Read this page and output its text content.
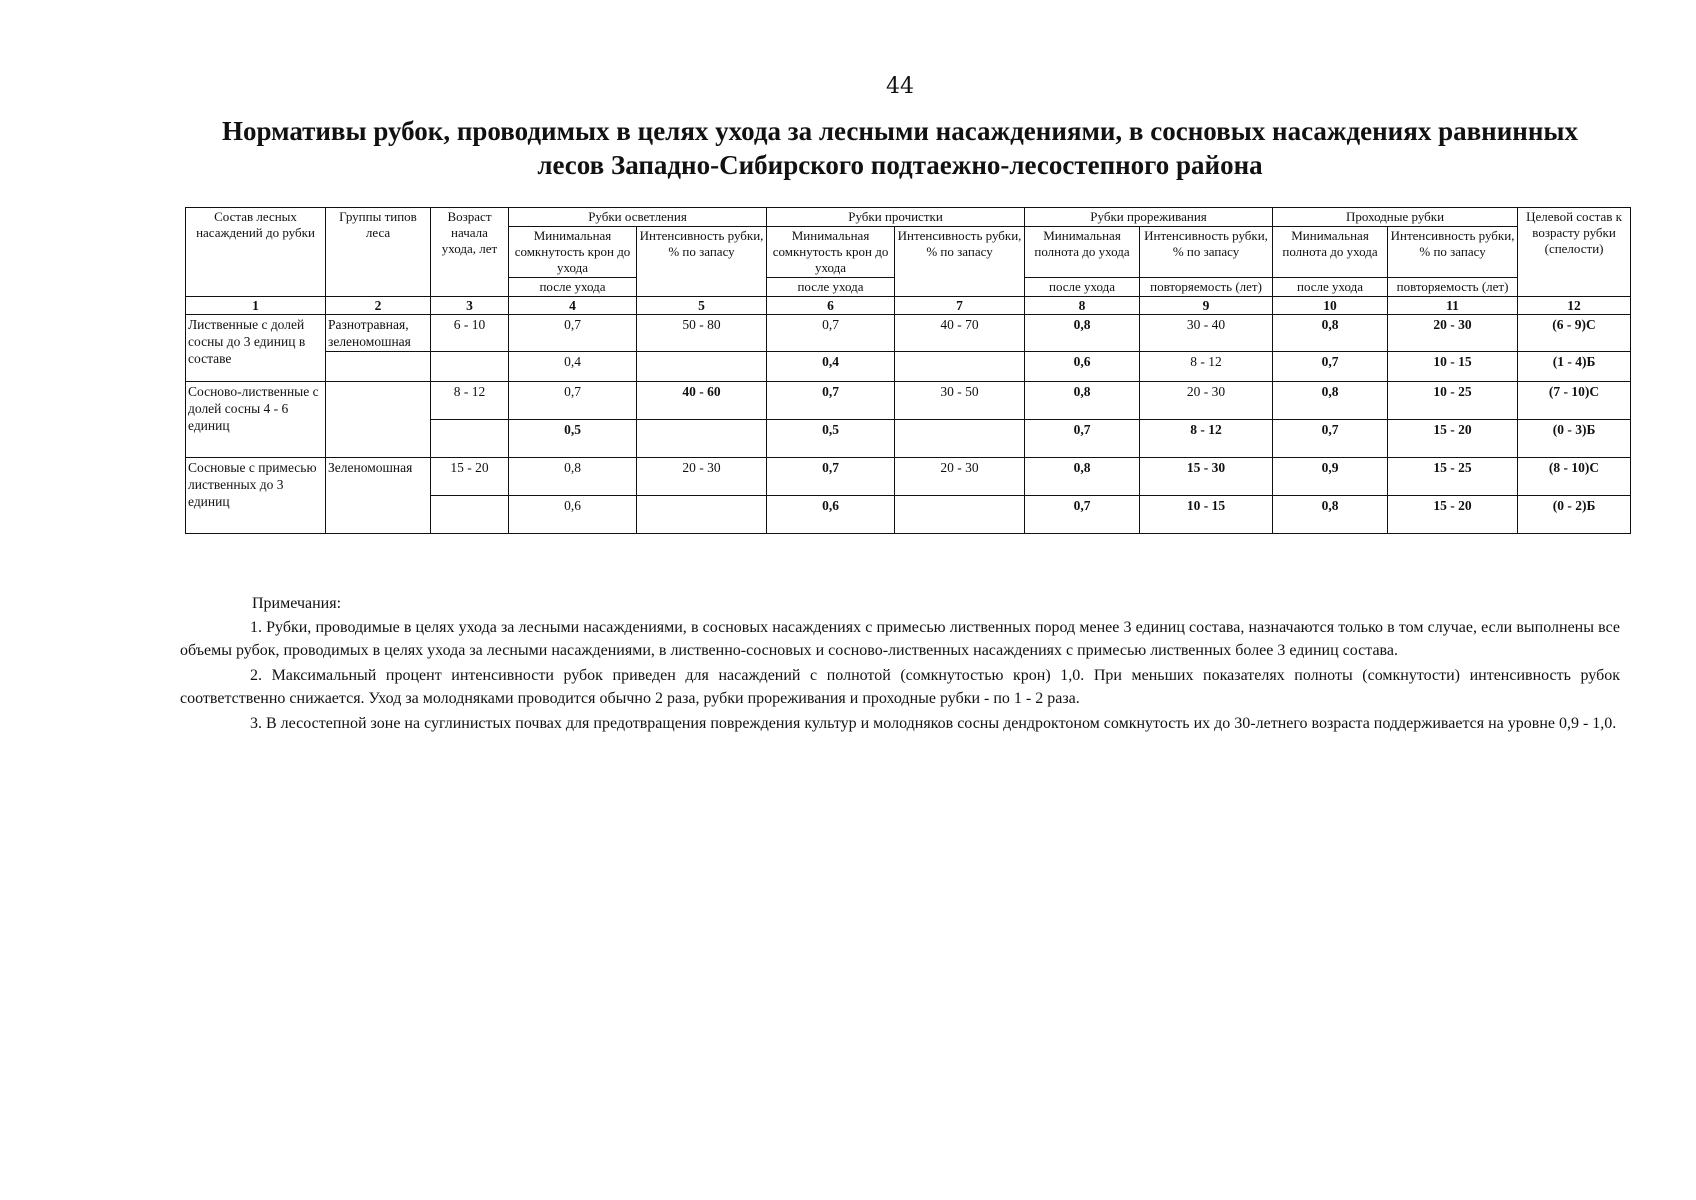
44
Нормативы рубок, проводимых в целях ухода за лесными насаждениями, в сосновых насаждениях равнинных
лесов Западно-Сибирского подтаежно-лесостепного района
Состав лесных насаждений до рубки	Группы типов леса	Возраст начала ухода, лет	Рубки осветления		Рубки прочистки		Рубки прореживания		Проходные рубки		Целевой состав к возрасту рубки (спелости)
			Минимальная сомкнутость крон до ухода	Интенсивность рубки, % по запасу	Минимальная сомкнутость крон до ухода	Интенсивность рубки, % по запасу	Минимальная полнота до ухода	Интенсивность рубки, % по запасу	Минимальная полнота до ухода	Интенсивность рубки, % по запасу	
			после ухода		после ухода		после ухода	повторяемость (лет)	после ухода	повторяемость (лет)	
1	2	3	4	5	6	7	8	9	10	11	12
Лиственные с долей сосны до 3 единиц в составе	Разнотравная, зеленомошная	6 - 10	0,7	50 - 80	0,7	40 - 70	0,8	30 - 40	0,8	20 - 30	(6 - 9)С
			0,4		0,4		0,6	8 - 12	0,7	10 - 15	(1 - 4)Б
Сосново-лиственные с долей сосны 4 - 6 единиц		8 - 12	0,7	40 - 60	0,7	30 - 50	0,8	20 - 30	0,8	10 - 25	(7 - 10)С
			0,5		0,5		0,7	8 - 12	0,7	15 - 20	(0 - 3)Б
Сосновые с примесью лиственных до 3 единиц	Зеленомошная	15 - 20	0,8	20 - 30	0,7	20 - 30	0,8	15 - 30	0,9	15 - 25	(8 - 10)С
			0,6		0,6		0,7	10 - 15	0,8	15 - 20	(0 - 2)Б

Примечания:

1. Рубки, проводимые в целях ухода за лесными насаждениями, в сосновых насаждениях с примесью лиственных пород менее 3 единиц состава, назначаются только в том случае, если выполнены все объемы рубок, проводимых в целях ухода за лесными насаждениями, в лиственно-сосновых и сосново-лиственных насаждениях с примесью лиственных более 3 единиц состава.

2. Максимальный процент интенсивности рубок приведен для насаждений с полнотой (сомкнутостью крон) 1,0. При меньших показателях полноты (сомкнутости) интенсивность рубок соответственно снижается. Уход за молодняками проводится обычно 2 раза, рубки прореживания и проходные рубки - по 1 - 2 раза.

3. В лесостепной зоне на суглинистых почвах для предотвращения повреждения культур и молодняков сосны дендроктоном сомкнутость их до 30-летнего возраста поддерживается на уровне 0,9 - 1,0.
